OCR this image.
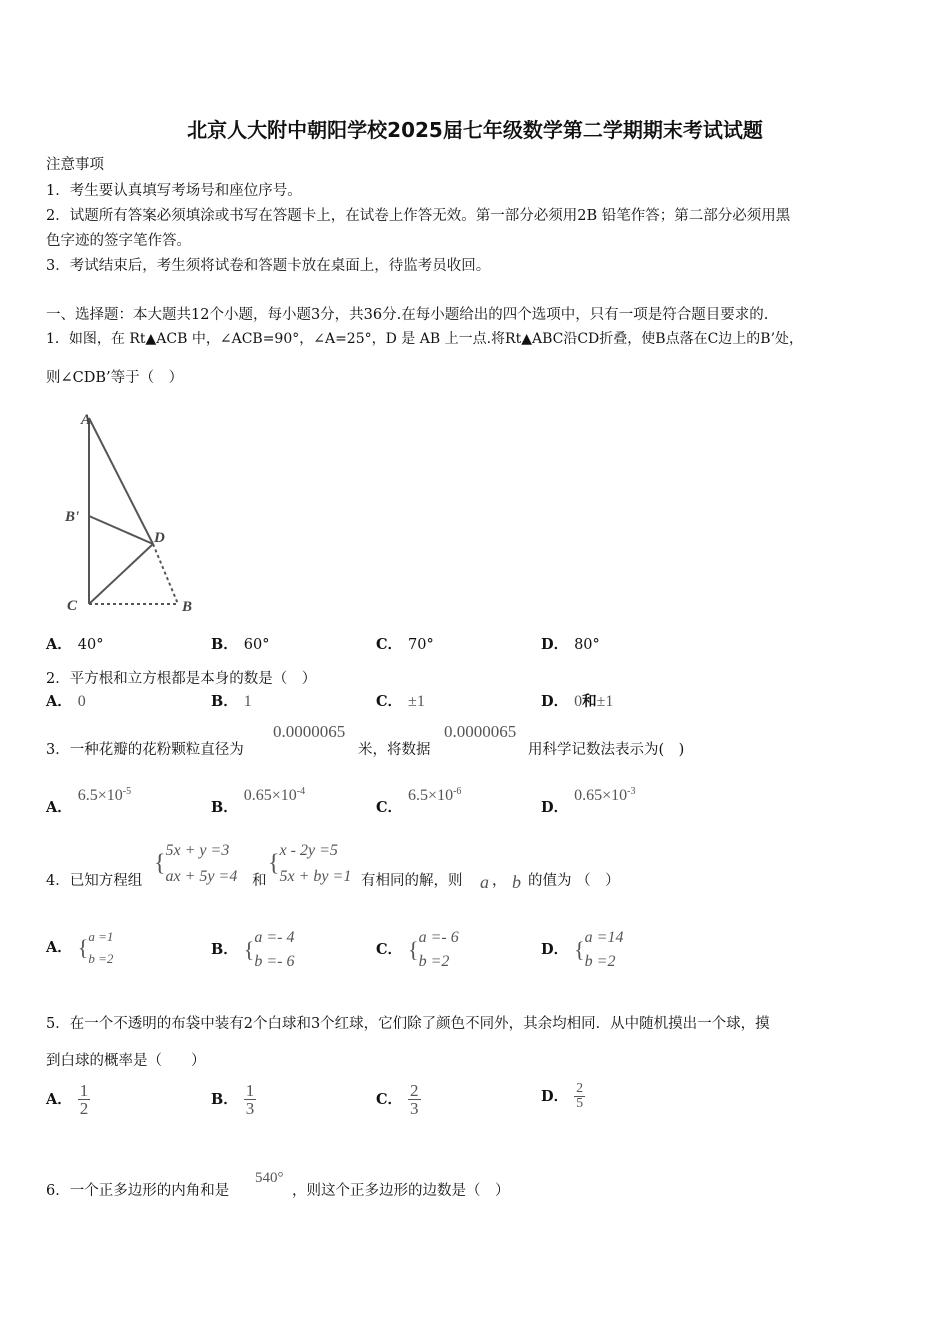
北京人大附中朝阳学校2025届七年级数学第二学期期末考试试题
注意事项
1．考生要认真填写考场号和座位序号。
2．试题所有答案必须填涂或书写在答题卡上，在试卷上作答无效。第一部分必须用2B 铅笔作答；第二部分必须用黑
色字迹的签字笔作答。
3．考试结束后，考生须将试卷和答题卡放在桌面上，待监考员收回。
一、选择题：本大题共12个小题，每小题3分，共36分.在每小题给出的四个选项中，只有一项是符合题目要求的.
1．如图，在 Rt▲ACB 中，∠ACB=90°，∠A=25°，D 是 AB 上一点.将Rt▲ABC沿CD折叠，使B点落在C边上的B’处，
则∠CDB’等于（　）
A
B'
D
C	B
A． 40°	B． 60°	C． 70°	D． 80°
2．平方根和立方根都是本身的数是（　）
A． 0	B． 1	C． ±1	D． 0和±1
3．一种花瓣的花粉颗粒直径为
0.0000065
米，将数据
0.0000065
用科学记数法表示为(　)
A．$6.5\times 10^{-5}$
B．$0.65\times 10^{-4}$
C．$6.5\times 10^{-6}$
D．$0.65\times 10^{-3}$
4．已知方程组
{ 5x + y =3
ax + 5y =4 和
{ x - 2y =5
5x + by =1 有相同的解，则 a ， b 的值为 （　）
A． { a =1
b =2
B． { a =- 4
b =- 6
C． { a =- 6
b =2
D． { a =14
b =2
5．在一个不透明的布袋中装有2个白球和3个红球，它们除了颜色不同外，其余均相同．从中随机摸出一个球，摸
到白球的概率是（　　）
A． $\frac{1}{2}$	B． $\frac{1}{3}$	C． $\frac{2}{3}$	D． $\frac{2}{5}$
6．一个正多边形的内角和是
540°
，则这个正多边形的边数是（　）
